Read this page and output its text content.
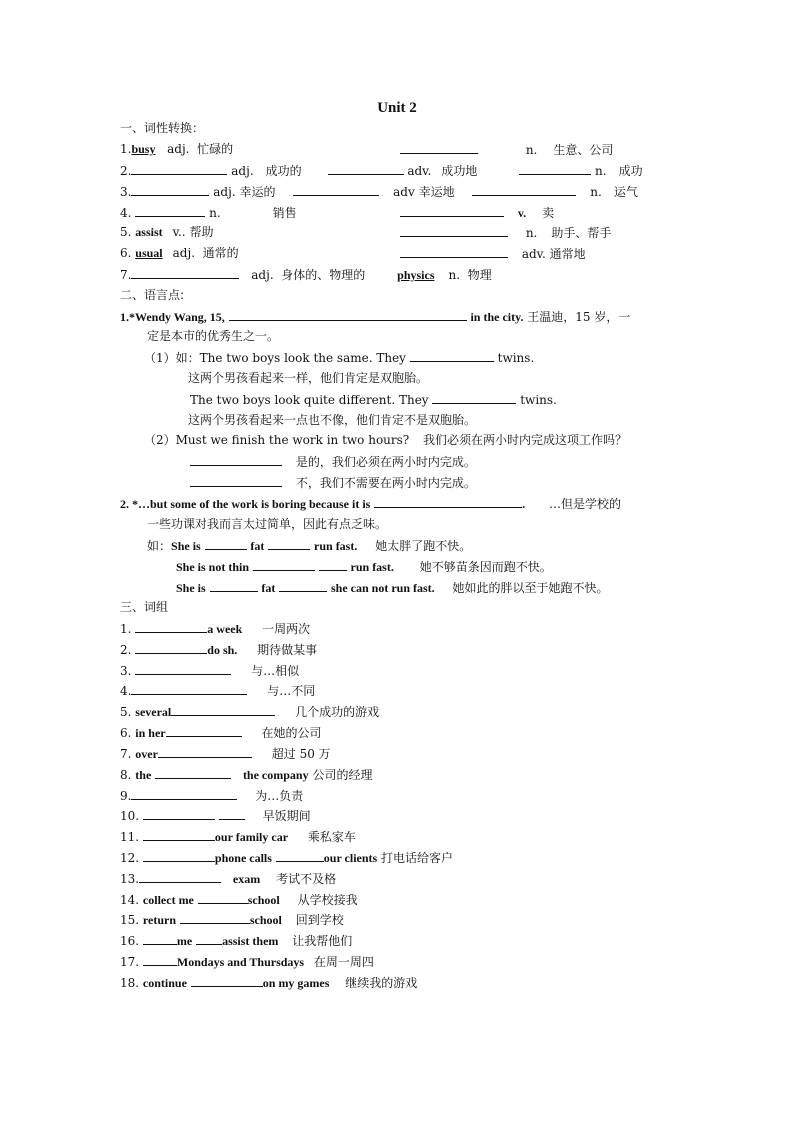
Unit 2
一、词性转换：
1.busy adj. 忙碌的	n. 生意、公司
2.	adj. 成功的	adv. 成功地	n. 成功
3.	adj. 幸运的	adv 幸运地	n. 运气
4.	n.	销售	v. 卖
5. assist v.. 帮助	n. 助手、帮手
6. usual adj. 通常的	adv. 通常地
7.	adj. 身体的、物理的	physics n. 物理
二、语言点:
1.*Wendy Wang, 15,	in the city. 王温迪，15 岁，一
定是本市的优秀生之一。
（1）如：The two boys look the same. They	twins.
这两个男孩看起来一样，他们肯定是双胞胎。
The two boys look quite different. They	twins.
这两个男孩看起来一点也不像，他们肯定不是双胞胎。
（2）Must we finish the work in two hours? 我们必须在两小时内完成这项工作吗？
是的，我们必须在两小时内完成。
不，我们不需要在两小时内完成。
2. *…but some of the work is boring because it is	. …但是学校的
一些功课对我而言太过简单，因此有点乏味。
如：She is	fat	run fast. 她太胖了跑不快。
She is not thin	run fast. 她不够苗条因而跑不快。
She is	fat	she can not run fast. 她如此的胖以至于她跑不快。
三、词组
1.	a week 一周两次
2.	do sh. 期待做某事
3.	与…相似
4.	与…不同
5. several	几个成功的游戏
6. in her	在她的公司
7. over	超过 50 万
8. the	the company 公司的经理
9.	为…负责
10.	早饭期间
11.	our family car 乘私家车
12.	phone calls	our clients 打电话给客户
13.	exam 考试不及格
14. collect me	school 从学校接我
15. return	school 回到学校
16.	me assist them 让我帮他们
17.	Mondays and Thursdays 在周一周四
18. continue	on my games 继续我的游戏
